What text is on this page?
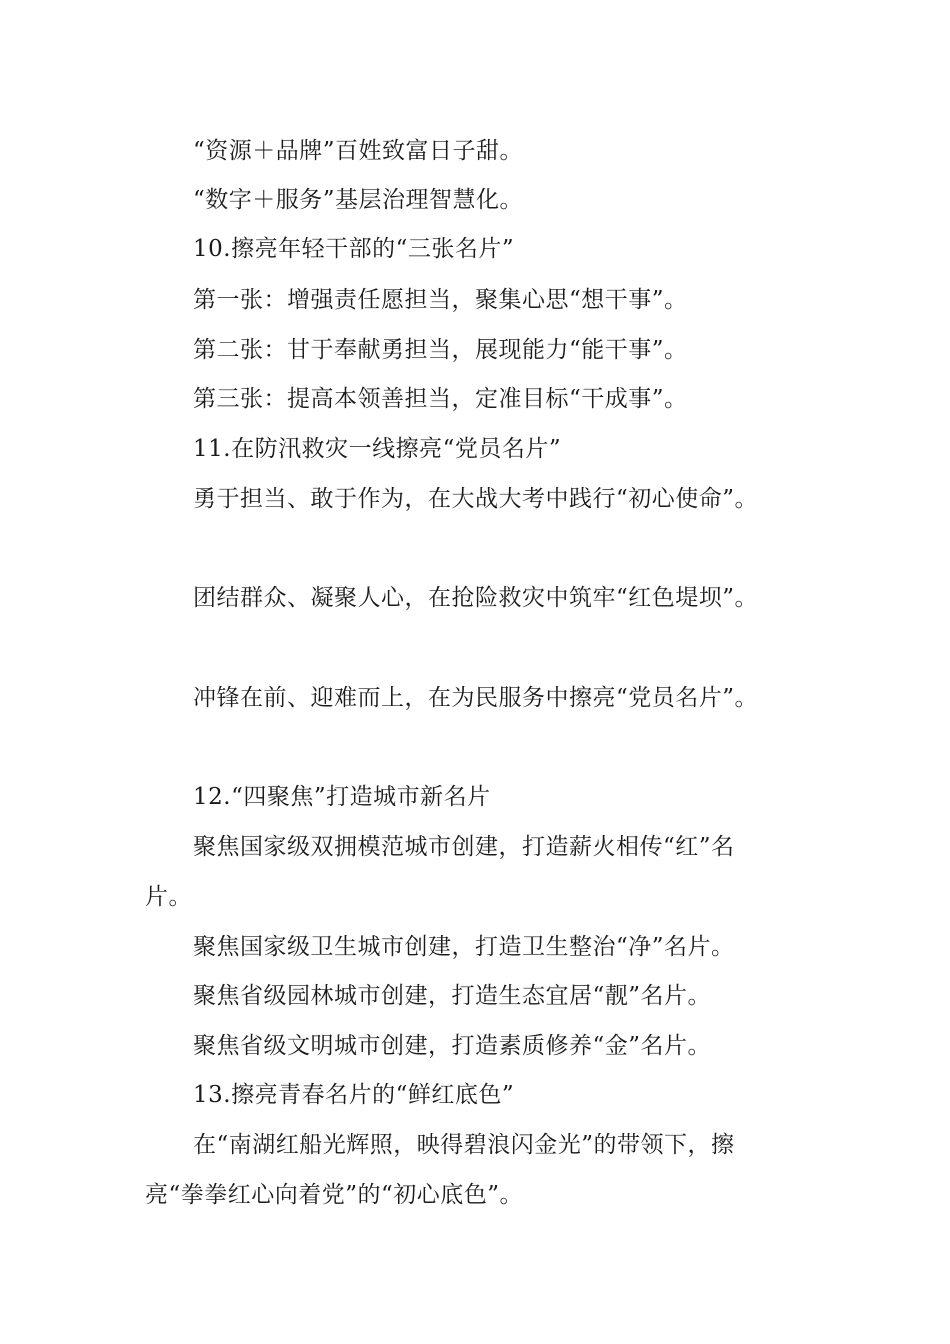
“资源＋品牌”百姓致富日子甜。
“数字＋服务”基层治理智慧化。
10.擦亮年轻干部的“三张名片”
第一张：增强责任愿担当，聚集心思“想干事”。
第二张：甘于奉献勇担当，展现能力“能干事”。
第三张：提高本领善担当，定准目标“干成事”。
11.在防汛救灾一线擦亮“党员名片”
勇于担当、敢于作为，在大战大考中践行“初心使命”。
团结群众、凝聚人心，在抢险救灾中筑牢“红色堤坝”。
冲锋在前、迎难而上，在为民服务中擦亮“党员名片”。
12.“四聚焦”打造城市新名片
聚焦国家级双拥模范城市创建，打造薪火相传“红”名
片。
聚焦国家级卫生城市创建，打造卫生整治“净”名片。
聚焦省级园林城市创建，打造生态宜居“靓”名片。
聚焦省级文明城市创建，打造素质修养“金”名片。
13.擦亮青春名片的“鲜红底色”
在“南湖红船光辉照，映得碧浪闪金光”的带领下，擦
亮“拳拳红心向着党”的“初心底色”。
